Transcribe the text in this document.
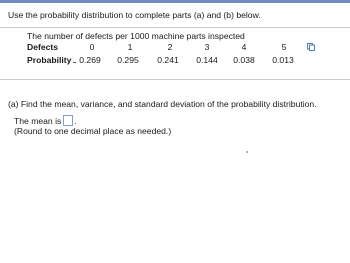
Use the probability distribution to complete parts (a) and (b) below.
The number of defects per 1000 machine parts inspected
Defects	0	1	2	3	4	5
Probability 0.269 0.295 0.241 0.144 0.038 0.013
(a) Find the mean, variance, and standard deviation of the probability distribution.
The mean is .
(Round to one decimal place as needed.)
